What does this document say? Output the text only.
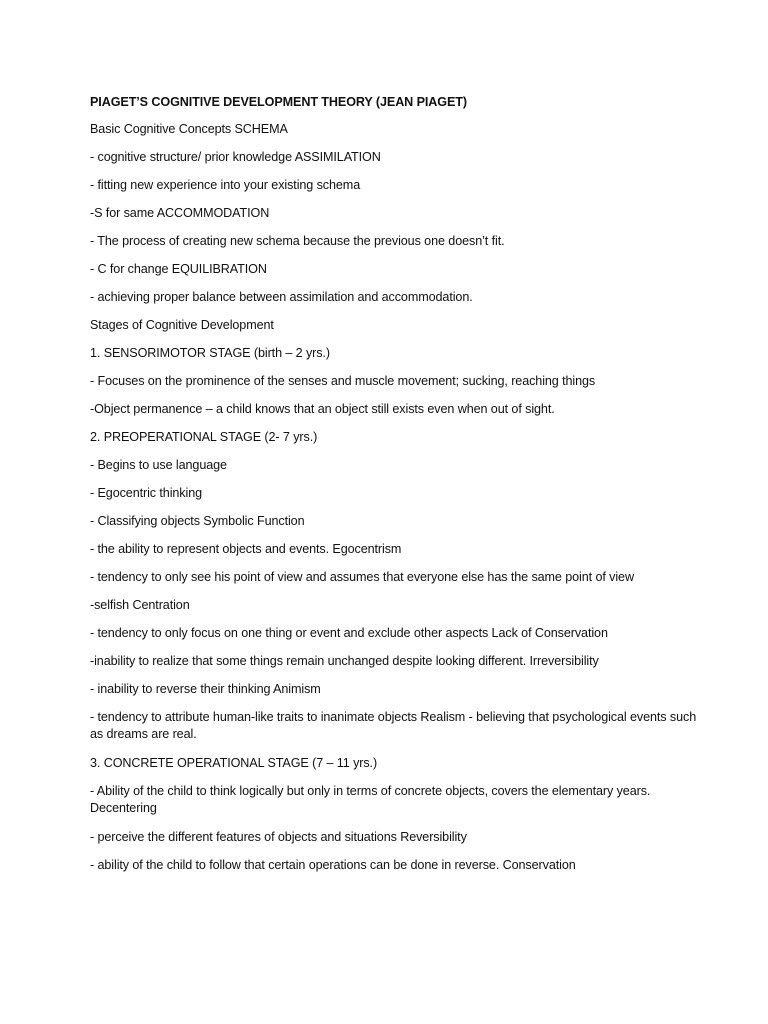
PIAGET’S COGNITIVE DEVELOPMENT THEORY (JEAN PIAGET)

Basic Cognitive Concepts SCHEMA

- cognitive structure/ prior knowledge ASSIMILATION

- fitting new experience into your existing schema

-S for same ACCOMMODATION

- The process of creating new schema because the previous one doesn’t fit.

- C for change EQUILIBRATION

- achieving proper balance between assimilation and accommodation.

Stages of Cognitive Development

1. SENSORIMOTOR STAGE (birth – 2 yrs.)

- Focuses on the prominence of the senses and muscle movement; sucking, reaching things

-Object permanence – a child knows that an object still exists even when out of sight.

2. PREOPERATIONAL STAGE (2- 7 yrs.)

- Begins to use language

- Egocentric thinking

- Classifying objects Symbolic Function

- the ability to represent objects and events. Egocentrism

- tendency to only see his point of view and assumes that everyone else has the same point of view

-selfish Centration

- tendency to only focus on one thing or event and exclude other aspects Lack of Conservation

-inability to realize that some things remain unchanged despite looking different. Irreversibility

- inability to reverse their thinking Animism

- tendency to attribute human-like traits to inanimate objects Realism - believing that psychological events such as dreams are real.

3. CONCRETE OPERATIONAL STAGE (7 – 11 yrs.)

- Ability of the child to think logically but only in terms of concrete objects, covers the elementary years. Decentering

- perceive the different features of objects and situations Reversibility

- ability of the child to follow that certain operations can be done in reverse. Conservation
